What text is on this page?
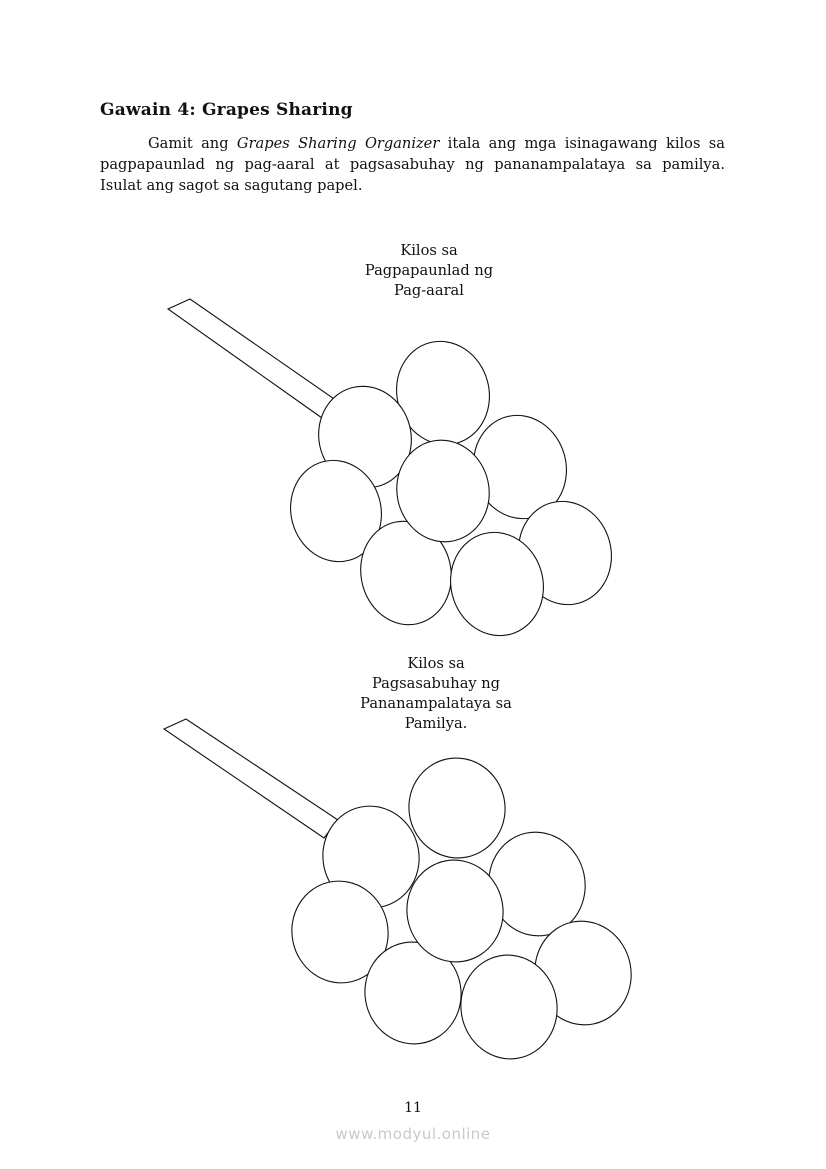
Gawain 4: Grapes Sharing
Gamit ang Grapes Sharing Organizer itala ang mga isinagawang kilos sa pagpapaunlad ng pag-aaral at pagsasabuhay ng pananampalataya sa pamilya. Isulat ang sagot sa sagutang papel.
Kilos sa
Pagpapaunlad ng
Pag-aaral
Kilos sa
Pagsasabuhay ng
Pananampalataya sa
Pamilya.
11
www.modyul.online
